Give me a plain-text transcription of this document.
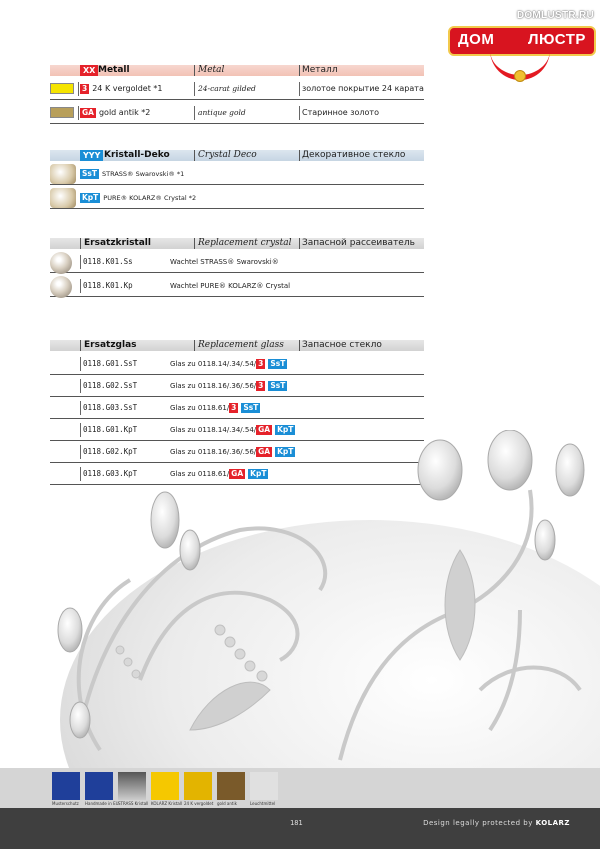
DOMLUSTR.RU
ДОМ ЛЮСТР
XX Metall	Metal	Металл
3 24 K vergoldet *1	24-carat gilded	золотое покрытие 24 карата
GA gold antik *2	antique gold	Старинное золото
YYY Kristall-Deko	Crystal Deco	Декоративное стекло
SsT STRASS® Swarovski® *1
KpT PURE® KOLARZ® Crystal *2
Ersatzkristall	Replacement crystal Запасной рассеиватель
0118.K01.Ss	Wachtel STRASS® Swarovski®
0118.K01.Kp	Wachtel PURE® KOLARZ® Crystal
Ersatzglas	Replacement glass Запасное стекло
0118.G01.SsT	Glas zu 0118.14/.34/.54/ 3 SsT
0118.G02.SsT	Glas zu 0118.16/.36/.56/ 3 SsT
0118.G03.SsT	Glas zu 0118.61/ 3 SsT
0118.G01.KpT	Glas zu 0118.14/.34/.54/ GA KpT
0118.G02.KpT	Glas zu 0118.16/.36/.56/ GA KpT
0118.G03.KpT	Glas zu 0118.61/ GA KpT
Musterschutz Handmade in EU STRASS Kristall KOLARZ Kristall 24 K vergoldet gold antik	Leuchtmittel
181	Design legally protected by KOLARZ
